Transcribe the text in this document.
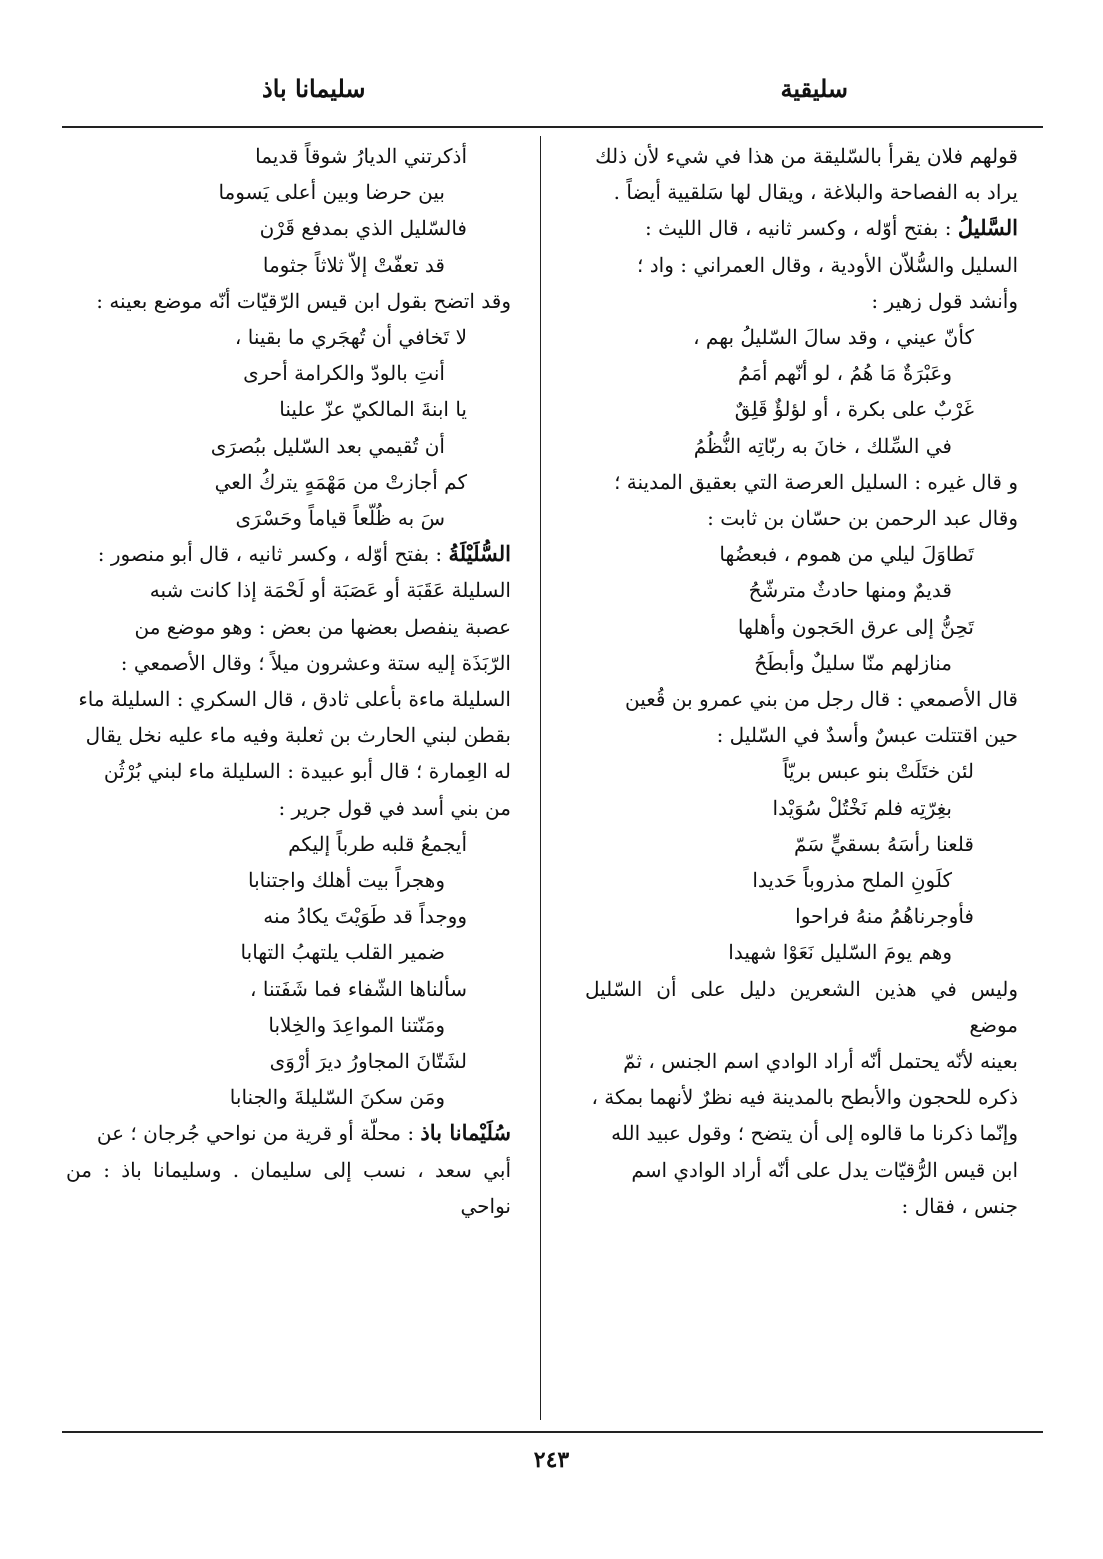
سليقية
سليمانا باذ
قولهم فلان يقرأ بالسّليقة من هذا في شيء لأن ذلك
يراد به الفصاحة والبلاغة ، ويقال لها سَلقيية أيضاً .
السَّليلُ : بفتح أوّله ، وكسر ثانيه ، قال الليث :
السليل والسُّلاّن الأودية ، وقال العمراني : واد ؛
وأنشد قول زهير :
كأنّ عيني ، وقد سالَ السّليلُ بهم ،
وعَبْرَةٌ مَا هُمُ ، لو أنّهم أمَمُ
غَرْبٌ على بكرة ، أو لؤلؤٌ قَلِقٌ
في السِّلك ، خانَ به ربّاتِه النُّظُمُ
و قال غيره : السليل العرصة التي بعقيق المدينة ؛
وقال عبد الرحمن بن حسّان بن ثابت :
تَطاوَلَ ليلي من هموم ، فبعضُها
قديمٌ ومنها حادثٌ مترشّحُ
تَحِنُّ إلى عرق الحَجون وأهلها
منازلهم منّا سليلٌ وأبطَحُ
قال الأصمعي : قال رجل من بني عمرو بن قُعين
حين اقتتلت عبسٌ وأسدٌ في السّليل :
لئن ختَلَتْ بنو عبس بريّاً
بغِرّتِه فلم نَخْتُلْ سُوَيْدا
قلعنا رأسَهُ بسقيٍّ سَمّ
كلَونِ الملح مذروباً حَديدا
فأوجرناهُمُ منهُ فراحوا
وهم يومَ السّليل نَعَوْا شهيدا
وليس في هذين الشعرين دليل على أن السّليل موضع
بعينه لأنّه يحتمل أنّه أراد الوادي اسم الجنس ، ثمّ
ذكره للحجون والأبطح بالمدينة فيه نظرٌ لأنهما بمكة ،
وإنّما ذكرنا ما قالوه إلى أن يتضح ؛ وقول عبيد الله
ابن قيس الرُّقيّات يدل على أنّه أراد الوادي اسم
جنس ، فقال :
أذكرتني الديارُ شوقاً قديما
بين حرضا وبين أعلى يَسوما
فالسّليل الذي بمدفع قَرْن
قد تعفّتْ إلاّ ثلاثاً جثوما
وقد اتضح بقول ابن قيس الرّقيّات أنّه موضع بعينه :
لا تَخافي أن تُهجَري ما بقينا ،
أنتِ بالودّ والكرامة أحرى
يا ابنةَ المالكيّ عزّ علينا
أن تُقيمي بعد السّليل ببُصرَى
كم أجازتْ من مَهْمَهٍ يتركُ العي
سَ به ظُلّعاً قياماً وحَسْرَى
السُّلَيْلَةُ : بفتح أوّله ، وكسر ثانيه ، قال أبو منصور :
السليلة عَقَبَة أو عَصَبَة أو لَحْمَة إذا كانت شبه
عصبة ينفصل بعضها من بعض : وهو موضع من
الرّبَذَة إليه ستة وعشرون ميلاً ؛ وقال الأصمعي :
السليلة ماءة بأعلى ثادق ، قال السكري : السليلة ماء
بقطن لبني الحارث بن ثعلبة وفيه ماء عليه نخل يقال
له العِمارة ؛ قال أبو عبيدة : السليلة ماء لبني بُرْثُن
من بني أسد في قول جرير :
أيجمعُ قلبه طرباً إليكم
وهجراً بيت أهلك واجتنابا
ووجداً قد طَوَيْتَ يكادُ منه
ضمير القلب يلتهبُ التهابا
سألناها الشّفاء فما شَفَتنا ،
ومَنّتنا المواعِدَ والخِلابا
لشَتّانَ المجاورُ ديرَ أرْوَى
ومَن سكنَ السّليلةَ والجنابا
سُلَيْمانا باذ : محلّة أو قرية من نواحي جُرجان ؛ عن
أبي سعد ، نسب إلى سليمان . وسليمانا باذ : من نواحي
٢٤٣
